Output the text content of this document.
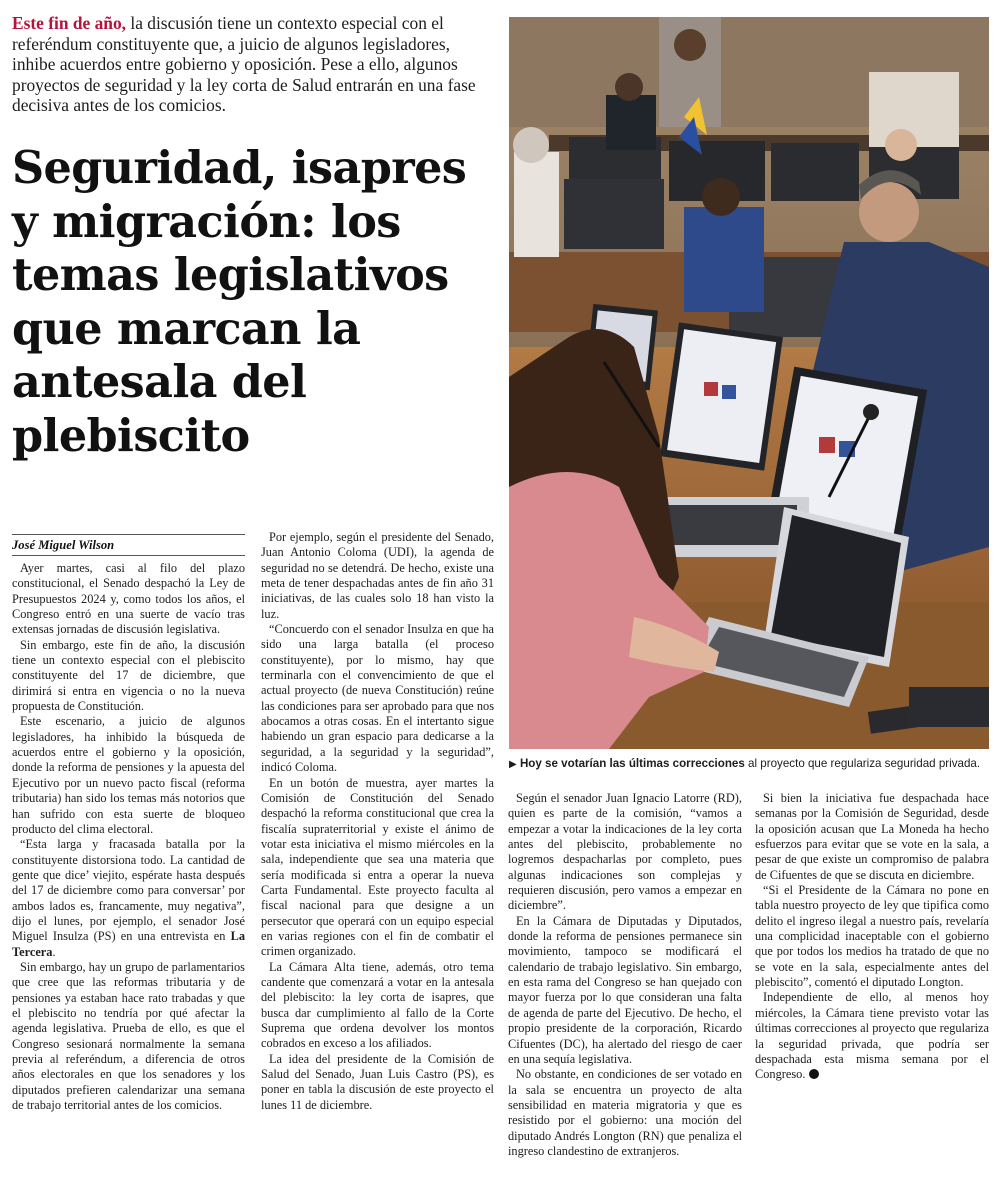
Este fin de año, la discusión tiene un contexto especial con el referéndum constituyente que, a juicio de algunos legisladores, inhibe acuerdos entre gobierno y oposición. Pese a ello, algunos proyectos de seguridad y la ley corta de Salud entrarán en una fase decisiva antes de los comicios.
Seguridad, isapres y migración: los temas legislativos que marcan la antesala del plebiscito
▶ Hoy se votarían las últimas correcciones al proyecto que regulariza seguridad privada.
José Miguel Wilson

Ayer martes, casi al filo del plazo constitucional, el Senado despachó la Ley de Presupuestos 2024 y, como todos los años, el Congreso entró en una suerte de vacío tras extensas jornadas de discusión legislativa.

Sin embargo, este fin de año, la discusión tiene un contexto especial con el plebiscito constituyente del 17 de diciembre, que dirimirá si entra en vigencia o no la nueva propuesta de Constitución.

Este escenario, a juicio de algunos legisladores, ha inhibido la búsqueda de acuerdos entre el gobierno y la oposición, donde la reforma de pensiones y la apuesta del Ejecutivo por un nuevo pacto fiscal (reforma tributaria) han sido los temas más notorios que han sufrido con esta suerte de bloqueo producto del clima electoral.

“Esta larga y fracasada batalla por la constituyente distorsiona todo. La cantidad de gente que dice’ viejito, espérate hasta después del 17 de diciembre como para conversar’ por ambos lados es, francamente, muy negativa”, dijo el lunes, por ejemplo, el senador José Miguel Insulza (PS) en una entrevista en La Tercera.

Sin embargo, hay un grupo de parlamentarios que cree que las reformas tributaria y de pensiones ya estaban hace rato trabadas y que el plebiscito no tendría por qué afectar la agenda legislativa. Prueba de ello, es que el Congreso sesionará normalmente la semana previa al referéndum, a diferencia de otros años electorales en que los senadores y los diputados prefieren calendarizar una semana de trabajo territorial antes de los comicios.

Por ejemplo, según el presidente del Senado, Juan Antonio Coloma (UDI), la agenda de seguridad no se detendrá. De hecho, existe una meta de tener despachadas antes de fin año 31 iniciativas, de las cuales solo 18 han visto la luz.

“Concuerdo con el senador Insulza en que ha sido una larga batalla (el proceso constituyente), por lo mismo, hay que terminarla con el convencimiento de que el actual proyecto (de nueva Constitución) reúne las condiciones para ser aprobado para que nos abocamos a otras cosas. En el intertanto sigue habiendo un gran espacio para dedicarse a la seguridad, a la seguridad y la seguridad”, indicó Coloma.

En un botón de muestra, ayer martes la Comisión de Constitución del Senado despachó la reforma constitucional que crea la fiscalía supraterritorial y existe el ánimo de votar esta iniciativa el mismo miércoles en la sala, independiente que sea una materia que sería modificada si entra a operar la nueva Carta Fundamental. Este proyecto faculta al fiscal nacional para que designe a un persecutor que operará con un equipo especial en varias regiones con el fin de combatir el crimen organizado.

La Cámara Alta tiene, además, otro tema candente que comenzará a votar en la antesala del plebiscito: la ley corta de isapres, que busca dar cumplimiento al fallo de la Corte Suprema que ordena devolver los montos cobrados en exceso a los afiliados.

La idea del presidente de la Comisión de Salud del Senado, Juan Luis Castro (PS), es poner en tabla la discusión de este proyecto el lunes 11 de diciembre.

Según el senador Juan Ignacio Latorre (RD), quien es parte de la comisión, “vamos a empezar a votar la indicaciones de la ley corta antes del plebiscito, probablemente no logremos despacharlas por completo, pues algunas indicaciones son complejas y requieren discusión, pero vamos a empezar en diciembre”.

En la Cámara de Diputadas y Diputados, donde la reforma de pensiones permanece sin movimiento, tampoco se modificará el calendario de trabajo legislativo. Sin embargo, en esta rama del Congreso se han quejado con mayor fuerza por lo que consideran una falta de agenda de parte del Ejecutivo. De hecho, el propio presidente de la corporación, Ricardo Cifuentes (DC), ha alertado del riesgo de caer en una sequía legislativa.

No obstante, en condiciones de ser votado en la sala se encuentra un proyecto de alta sensibilidad en materia migratoria y que es resistido por el gobierno: una moción del diputado Andrés Longton (RN) que penaliza el ingreso clandestino de extranjeros.

Si bien la iniciativa fue despachada hace semanas por la Comisión de Seguridad, desde la oposición acusan que La Moneda ha hecho esfuerzos para evitar que se vote en la sala, a pesar de que existe un compromiso de palabra de Cifuentes de que se discuta en diciembre.

“Si el Presidente de la Cámara no pone en tabla nuestro proyecto de ley que tipifica como delito el ingreso ilegal a nuestro país, revelaría una complicidad inaceptable con el gobierno que por todos los medios ha tratado de que no se vote en la sala, especialmente antes del plebiscito”, comentó el diputado Longton.

Independiente de ello, al menos hoy miércoles, la Cámara tiene previsto votar las últimas correcciones al proyecto que regulariza la seguridad privada, que podría ser despachada esta misma semana por el Congreso.
